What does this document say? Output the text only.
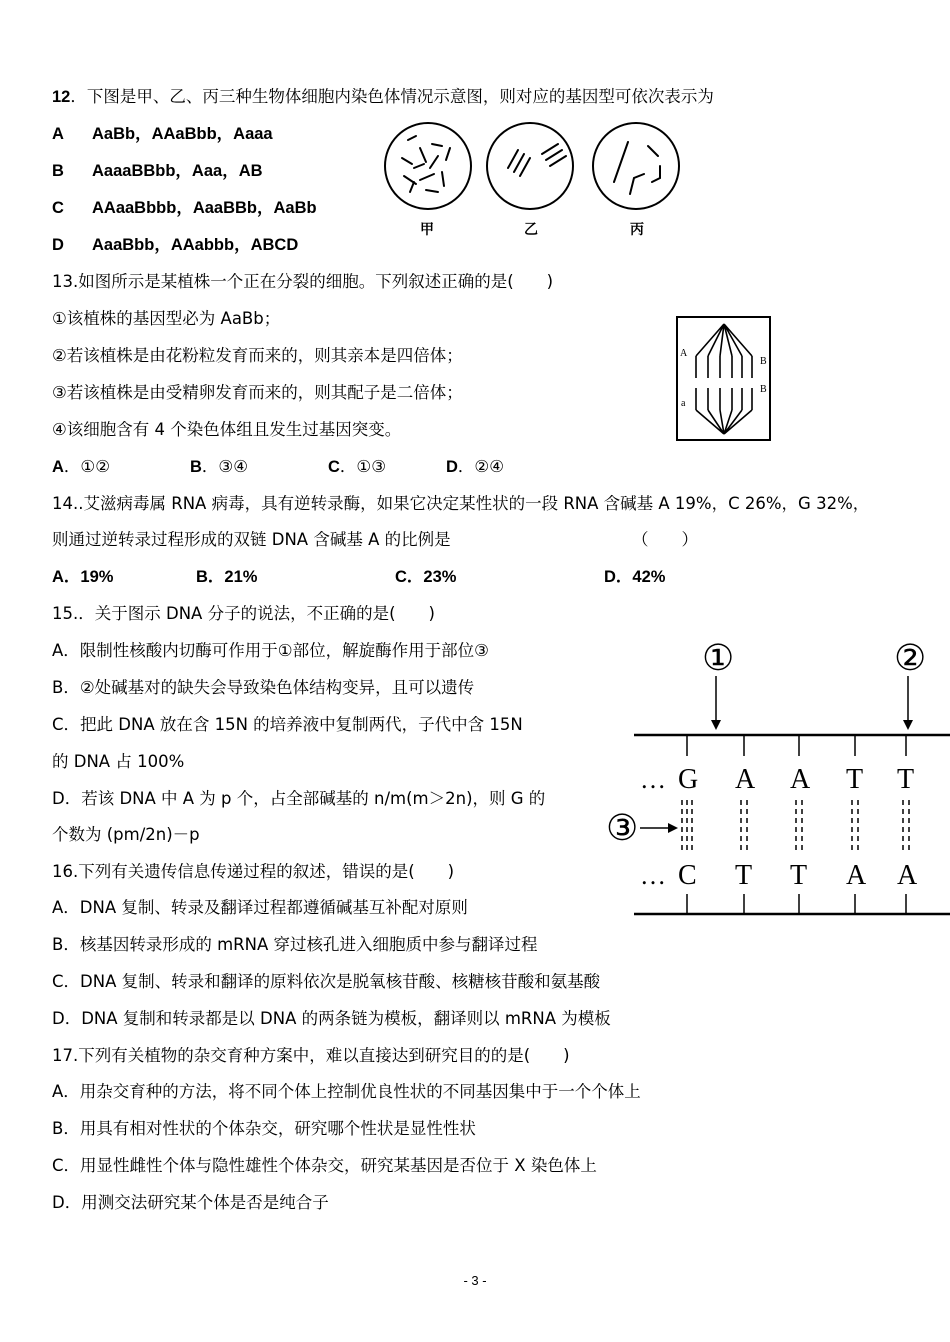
12．下图是甲、乙、丙三种生物体细胞内染色体情况示意图，则对应的基因型可依次表示为
A AaBb，AAaBbb，Aaaa
B AaaaBBbb，Aaa，AB
C AAaaBbbb，AaaBBb，AaBb
D AaaBbb，AAabbb，ABCD
甲	乙	丙
13.如图所示是某植株一个正在分裂的细胞。下列叙述正确的是(　　)
①该植株的基因型必为 AaBb；
②若该植株是由花粉粒发育而来的，则其亲本是四倍体；
③若该植株是由受精卵发育而来的，则其配子是二倍体；
④该细胞含有 4 个染色体组且发生过基因突变。
A．①②	B．③④	C．①③	D．②④
A
a
B
B
14..艾滋病毒属 RNA 病毒，具有逆转录酶，如果它决定某性状的一段 RNA 含碱基 A 19%，C 26%，G 32%，
则通过逆转录过程形成的双链 DNA 含碱基 A 的比例是	（　　）
A．19%	B．21%	C．23%	D．42%
15.．关于图示 DNA 分子的说法，不正确的是(　　)
A．限制性核酸内切酶可作用于①部位，解旋酶作用于部位③
B．②处碱基对的缺失会导致染色体结构变异，且可以遗传
C．把此 DNA 放在含 15N 的培养液中复制两代，子代中含 15N
的 DNA 占 100%
D．若该 DNA 中 A 为 p 个，占全部碱基的 n/m(m＞2n)，则 G 的
个数为 (pm/2n)－p
①	②
… G A A T T
③
… C T T A A
16.下列有关遗传信息传递过程的叙述，错误的是(　　)
A．DNA 复制、转录及翻译过程都遵循碱基互补配对原则
B．核基因转录形成的 mRNA 穿过核孔进入细胞质中参与翻译过程
C．DNA 复制、转录和翻译的原料依次是脱氧核苷酸、核糖核苷酸和氨基酸
D．DNA 复制和转录都是以 DNA 的两条链为模板，翻译则以 mRNA 为模板
17.下列有关植物的杂交育种方案中，难以直接达到研究目的的是(　　)
A．用杂交育种的方法，将不同个体上控制优良性状的不同基因集中于一个个体上
B．用具有相对性状的个体杂交，研究哪个性状是显性性状
C．用显性雌性个体与隐性雄性个体杂交，研究某基因是否位于 X 染色体上
D．用测交法研究某个体是否是纯合子
- 3 -
